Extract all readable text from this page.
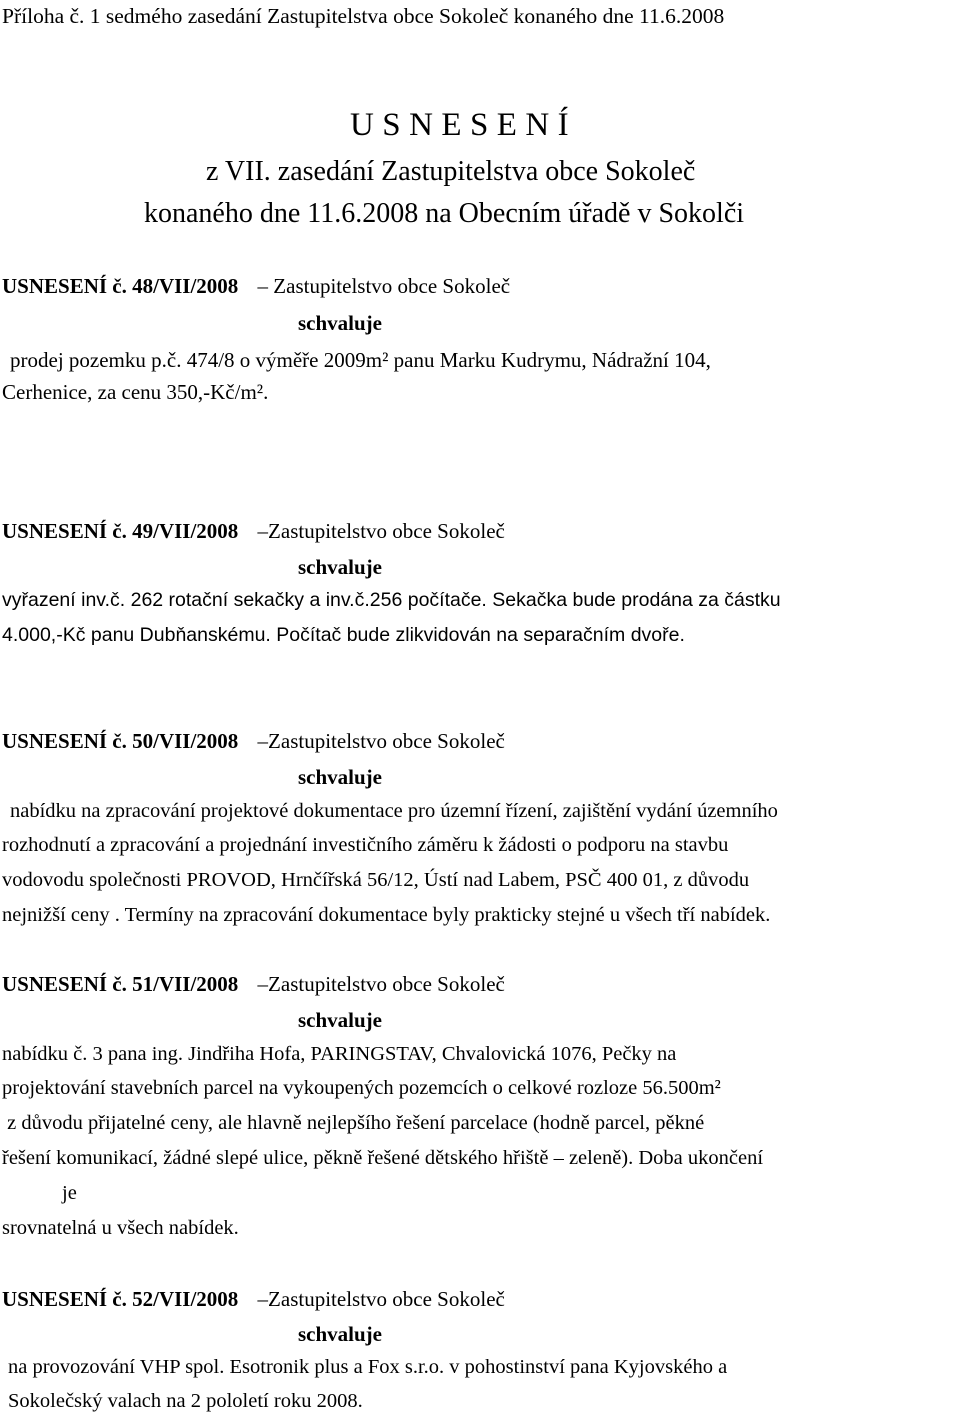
Příloha č. 1 sedmého zasedání Zastupitelstva obce Sokoleč konaného dne 11.6.2008
U S N E S E N Í
z VII. zasedání Zastupitelstva obce Sokoleč
konaného dne 11.6.2008 na Obecním úřadě v Sokolči
USNESENÍ č. 48/VII/2008 – Zastupitelstvo obce Sokoleč
schvaluje
prodej pozemku p.č. 474/8 o výměře 2009m² panu Marku Kudrymu, Nádražní 104,
Cerhenice, za cenu 350,-Kč/m².
USNESENÍ č. 49/VII/2008 –Zastupitelstvo obce Sokoleč
schvaluje
vyřazení inv.č. 262 rotační sekačky a inv.č.256 počítače. Sekačka bude prodána za částku
4.000,-Kč panu Dubňanskému. Počítač bude zlikvidován na separačním dvoře.
USNESENÍ č. 50/VII/2008 –Zastupitelstvo obce Sokoleč
schvaluje
nabídku na zpracování projektové dokumentace pro územní řízení, zajištění vydání územního
rozhodnutí a zpracování a projednání investičního záměru k žádosti o podporu na stavbu
vodovodu společnosti PROVOD, Hrnčířská 56/12, Ústí nad Labem, PSČ 400 01, z důvodu
nejnižší ceny . Termíny na zpracování dokumentace byly prakticky stejné u všech tří nabídek.
USNESENÍ č. 51/VII/2008 –Zastupitelstvo obce Sokoleč
schvaluje
nabídku č. 3 pana ing. Jindřiha Hofa, PARINGSTAV, Chvalovická 1076, Pečky na
projektování stavebních parcel na vykoupených pozemcích o celkové rozloze 56.500m²
z důvodu přijatelné ceny, ale hlavně nejlepšího řešení parcelace (hodně parcel, pěkné
řešení komunikací, žádné slepé ulice, pěkně řešené dětského hřiště – zeleně). Doba ukončení
je
srovnatelná u všech nabídek.
USNESENÍ č. 52/VII/2008 –Zastupitelstvo obce Sokoleč
schvaluje
na provozování VHP spol. Esotronik plus a Fox s.r.o. v pohostinství pana Kyjovského a
Sokolečský valach na 2 pololetí roku 2008.
